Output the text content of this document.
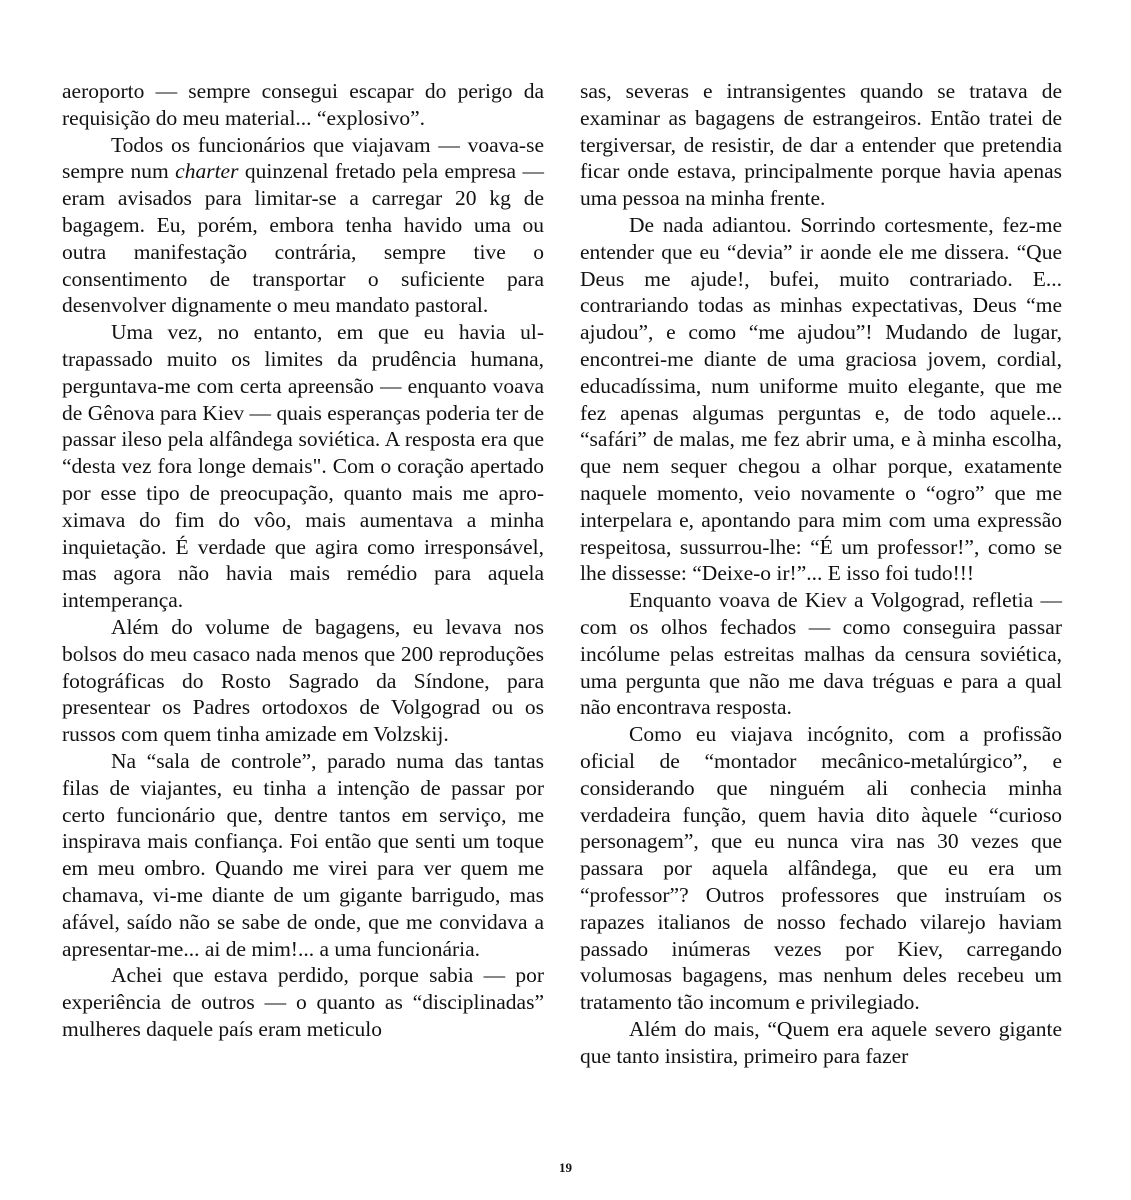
aeroporto — sempre consegui escapar do perigo da requisição do meu material... “explosivo”.

Todos os funcionários que viajavam — voava-se sempre num charter quinzenal fretado pela empresa — eram avisados para limitar-se a carregar 20 kg de bagagem. Eu, porém, embora tenha havido uma ou outra manifestação contrária, sempre tive o consentimento de transportar o suficiente para desenvolver dignamente o meu mandato pastoral.

Uma vez, no entanto, em que eu havia ultrapassado muito os limites da prudência humana, perguntava-me com certa apreensão — enquanto voava de Gênova para Kiev — quais esperanças poderia ter de passar ileso pela alfândega soviética. A resposta era que “desta vez fora longe demais". Com o coração apertado por esse tipo de preocupação, quanto mais me aproximava do fim do vôo, mais aumentava a minha inquietação. É verdade que agira como irresponsável, mas agora não havia mais remédio para aquela intemperança.

Além do volume de bagagens, eu levava nos bolsos do meu casaco nada menos que 200 reproduções fotográficas do Rosto Sagrado da Síndone, para presentear os Padres ortodoxos de Volgograd ou os russos com quem tinha amizade em Volzskij.

Na “sala de controle”, parado numa das tantas filas de viajantes, eu tinha a intenção de passar por certo funcionário que, dentre tantos em serviço, me inspirava mais confiança. Foi então que senti um toque em meu ombro. Quando me virei para ver quem me chamava, vi-me diante de um gigante barrigudo, mas afável, saído não se sabe de onde, que me convidava a apresentar-me... ai de mim!... a uma funcionária.

Achei que estava perdido, porque sabia — por experiência de outros — o quanto as “disciplinadas” mulheres daquele país eram meticulo

sas, severas e intransigentes quando se tratava de examinar as bagagens de estrangeiros. Então tratei de tergiversar, de resistir, de dar a entender que pretendia ficar onde estava, principalmente porque havia apenas uma pessoa na minha frente.

De nada adiantou. Sorrindo cortesmente, fez-me entender que eu “devia” ir aonde ele me dissera. “Que Deus me ajude!, bufei, muito contrariado. E... contrariando todas as minhas expectativas, Deus “me ajudou”, e como “me ajudou”! Mudando de lugar, encontrei-me diante de uma graciosa jovem, cordial, educadíssima, num uniforme muito elegante, que me fez apenas algumas perguntas e, de todo aquele... “safári” de malas, me fez abrir uma, e à minha escolha, que nem sequer chegou a olhar porque, exatamente naquele momento, veio novamente o “ogro” que me interpelara e, apontando para mim com uma expressão respeitosa, sussurrou-lhe: “É um professor!”, como se lhe dissesse: “Deixe-o ir!”... E isso foi tudo!!!

Enquanto voava de Kiev a Volgograd, refletia — com os olhos fechados — como conseguira passar incólume pelas estreitas malhas da censura soviética, uma pergunta que não me dava tréguas e para a qual não encontrava resposta.

Como eu viajava incógnito, com a profissão oficial de “montador mecânico-metalúrgico”, e considerando que ninguém ali conhecia minha verdadeira função, quem havia dito àquele “curioso personagem”, que eu nunca vira nas 30 vezes que passara por aquela alfândega, que eu era um “professor”? Outros professores que instruíam os rapazes italianos de nosso fechado vilarejo haviam passado inúmeras vezes por Kiev, carregando volumosas bagagens, mas nenhum deles recebeu um tratamento tão incomum e privilegiado.

Além do mais, “Quem era aquele severo gigante que tanto insistira, primeiro para fazer

19
